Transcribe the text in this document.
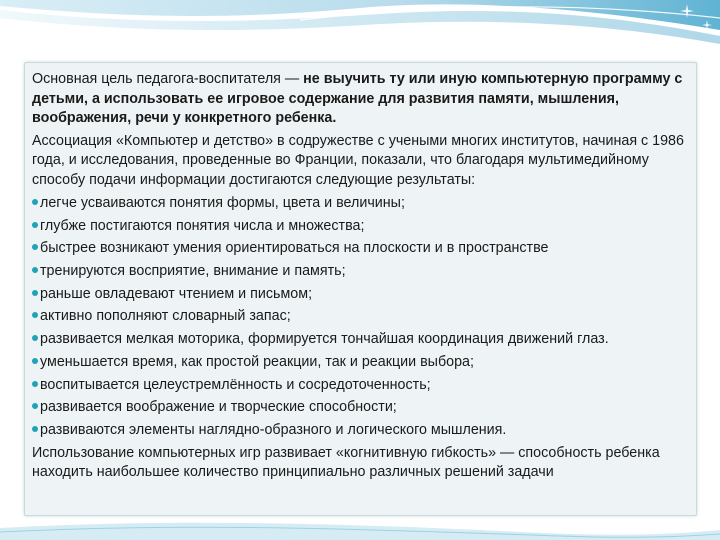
Основная цель педагога-воспитателя — не выучить ту или иную компьютерную программу с детьми, а использовать ее игровое содержание для развития памяти, мышления, воображения, речи у конкретного ребенка.

Ассоциация «Компьютер и детство» в содружестве с учеными многих институтов, начиная с 1986 года, и исследования, проведенные во Франции, показали, что благодаря мультимедийному способу подачи информации достигаются следующие результаты:

легче усваиваются понятия формы, цвета и величины;
глубже постигаются понятия числа и множества;
быстрее возникают умения ориентироваться на плоскости и в пространстве
тренируются восприятие, внимание и память;
раньше овладевают чтением и письмом;
активно пополняют словарный запас;
развивается мелкая моторика, формируется тончайшая координация движений глаз.
уменьшается время, как простой реакции, так и реакции выбора;
воспитывается целеустремлённость и сосредоточенность;
развивается воображение и творческие способности;
развиваются элементы наглядно-образного и логического мышления.

Использование компьютерных игр развивает «когнитивную гибкость» — способность ребенка находить наибольшее количество принципиально различных решений задачи
